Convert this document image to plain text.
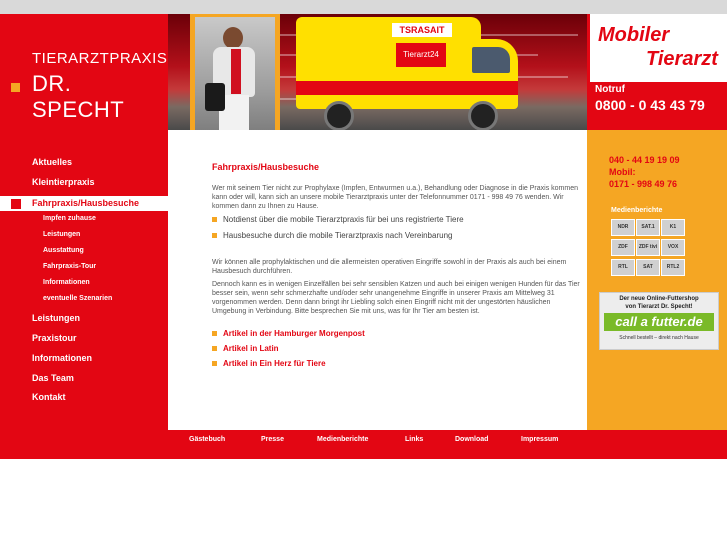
TIERARZTPRAXIS
DR. SPECHT
TSRASAIT
Tierarzt24
Mobiler
Tierarzt
Notruf
0800 - 0 43 43 79
Aktuelles
Kleintierpraxis
Fahrpraxis/Hausbesuche
Impfen zuhause
Leistungen
Ausstattung
Fahrpraxis-Tour
Informationen
eventuelle Szenarien
Leistungen
Praxistour
Informationen
Das Team
Kontakt
Fahrpraxis/Hausbesuche
Wer mit seinem Tier nicht zur Prophylaxe (Impfen, Entwurmen u.a.), Behandlung oder Diagnose in die Praxis kommen kann oder will, kann sich an unsere mobile Tierarztpraxis unter der Telefonnummer 0171 - 998 49 76 wenden. Wir kommen dann zu Ihnen zu Hause.
Notdienst über die mobile Tierarztpraxis für bei uns registrierte Tiere
Hausbesuche durch die mobile Tierarztpraxis nach Vereinbarung
Wir können alle prophylaktischen und die allermeisten operativen Eingriffe sowohl in der Praxis als auch bei einem Hausbesuch durchführen.
Dennoch kann es in wenigen Einzelfällen bei sehr sensiblen Katzen und auch bei einigen wenigen Hunden für das Tier besser sein, wenn sehr schmerzhafte und/oder sehr unangenehme Eingriffe in unserer Praxis am Mittelweg 31 vorgenommen werden. Denn dann bringt ihr Liebling solch einen Eingriff nicht mit der ungestörten häuslichen Umgebung in Verbindung. Bitte besprechen Sie mit uns, was für Ihr Tier am besten ist.
Artikel in der Hamburger Morgenpost
Artikel in Latin
Artikel in Ein Herz für Tiere
040 - 44 19 19 09
Mobil:
0171 - 998 49 76
Medienberichte
NDR	SAT.1	K1
ZDF	ZDF tivi	VOX
RTL	SAT	RTL2
Der neue Online-Futtershop
von Tierarzt Dr. Specht!
call a futter.de
Schnell bestellt – direkt nach Hause
Gästebuch	Presse	Medienberichte	Links	Download	Impressum
